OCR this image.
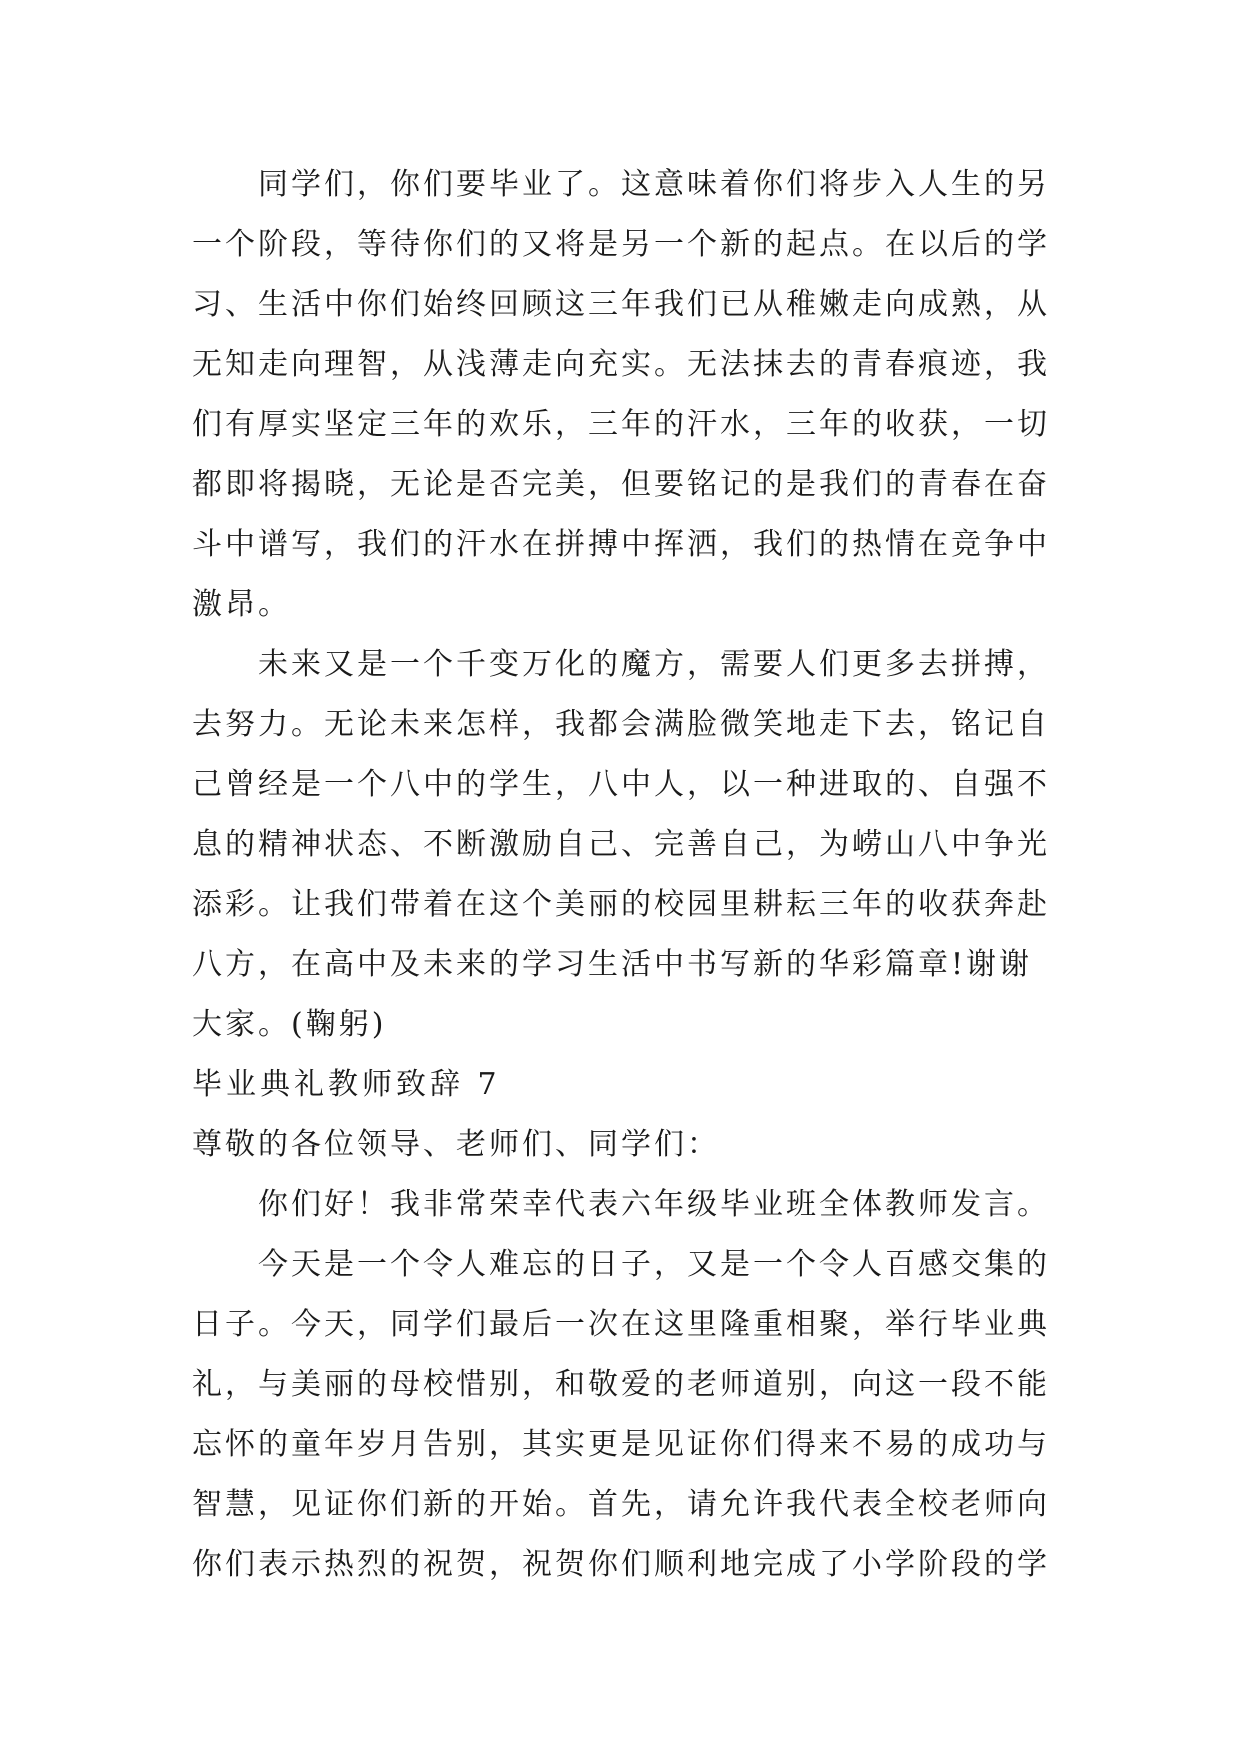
同学们，你们要毕业了。这意味着你们将步入人生的另
一个阶段，等待你们的又将是另一个新的起点。在以后的学
习、生活中你们始终回顾这三年我们已从稚嫩走向成熟，从
无知走向理智，从浅薄走向充实。无法抹去的青春痕迹，我
们有厚实坚定三年的欢乐，三年的汗水，三年的收获，一切
都即将揭晓，无论是否完美，但要铭记的是我们的青春在奋
斗中谱写，我们的汗水在拼搏中挥洒，我们的热情在竞争中
激昂。
未来又是一个千变万化的魔方，需要人们更多去拼搏，
去努力。无论未来怎样，我都会满脸微笑地走下去，铭记自
己曾经是一个八中的学生，八中人，以一种进取的、自强不
息的精神状态、不断激励自己、完善自己，为崂山八中争光
添彩。让我们带着在这个美丽的校园里耕耘三年的收获奔赴
八方，在高中及未来的学习生活中书写新的华彩篇章!谢谢
大家。(鞠躬)
毕业典礼教师致辞 7
尊敬的各位领导、老师们、同学们：
你们好！我非常荣幸代表六年级毕业班全体教师发言。
今天是一个令人难忘的日子，又是一个令人百感交集的
日子。今天，同学们最后一次在这里隆重相聚，举行毕业典
礼，与美丽的母校惜别，和敬爱的老师道别，向这一段不能
忘怀的童年岁月告别，其实更是见证你们得来不易的成功与
智慧，见证你们新的开始。首先，请允许我代表全校老师向
你们表示热烈的祝贺，祝贺你们顺利地完成了小学阶段的学
